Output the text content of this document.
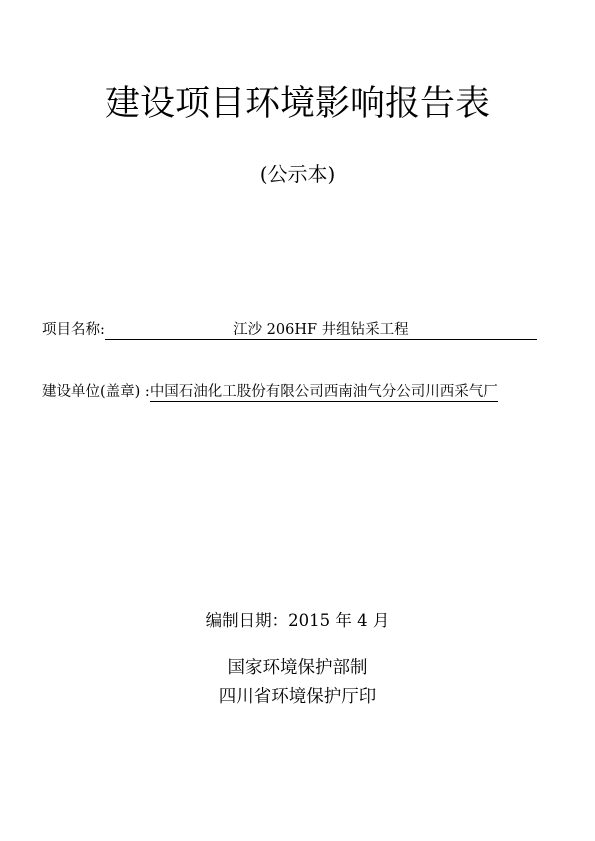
建设项目环境影响报告表
(公示本)
项目名称:	江沙 206HF 井组钻采工程
建设单位(盖章) :中国石油化工股份有限公司西南油气分公司川西采气厂
编制日期：2015 年 4 月
国家环境保护部制
四川省环境保护厅印
